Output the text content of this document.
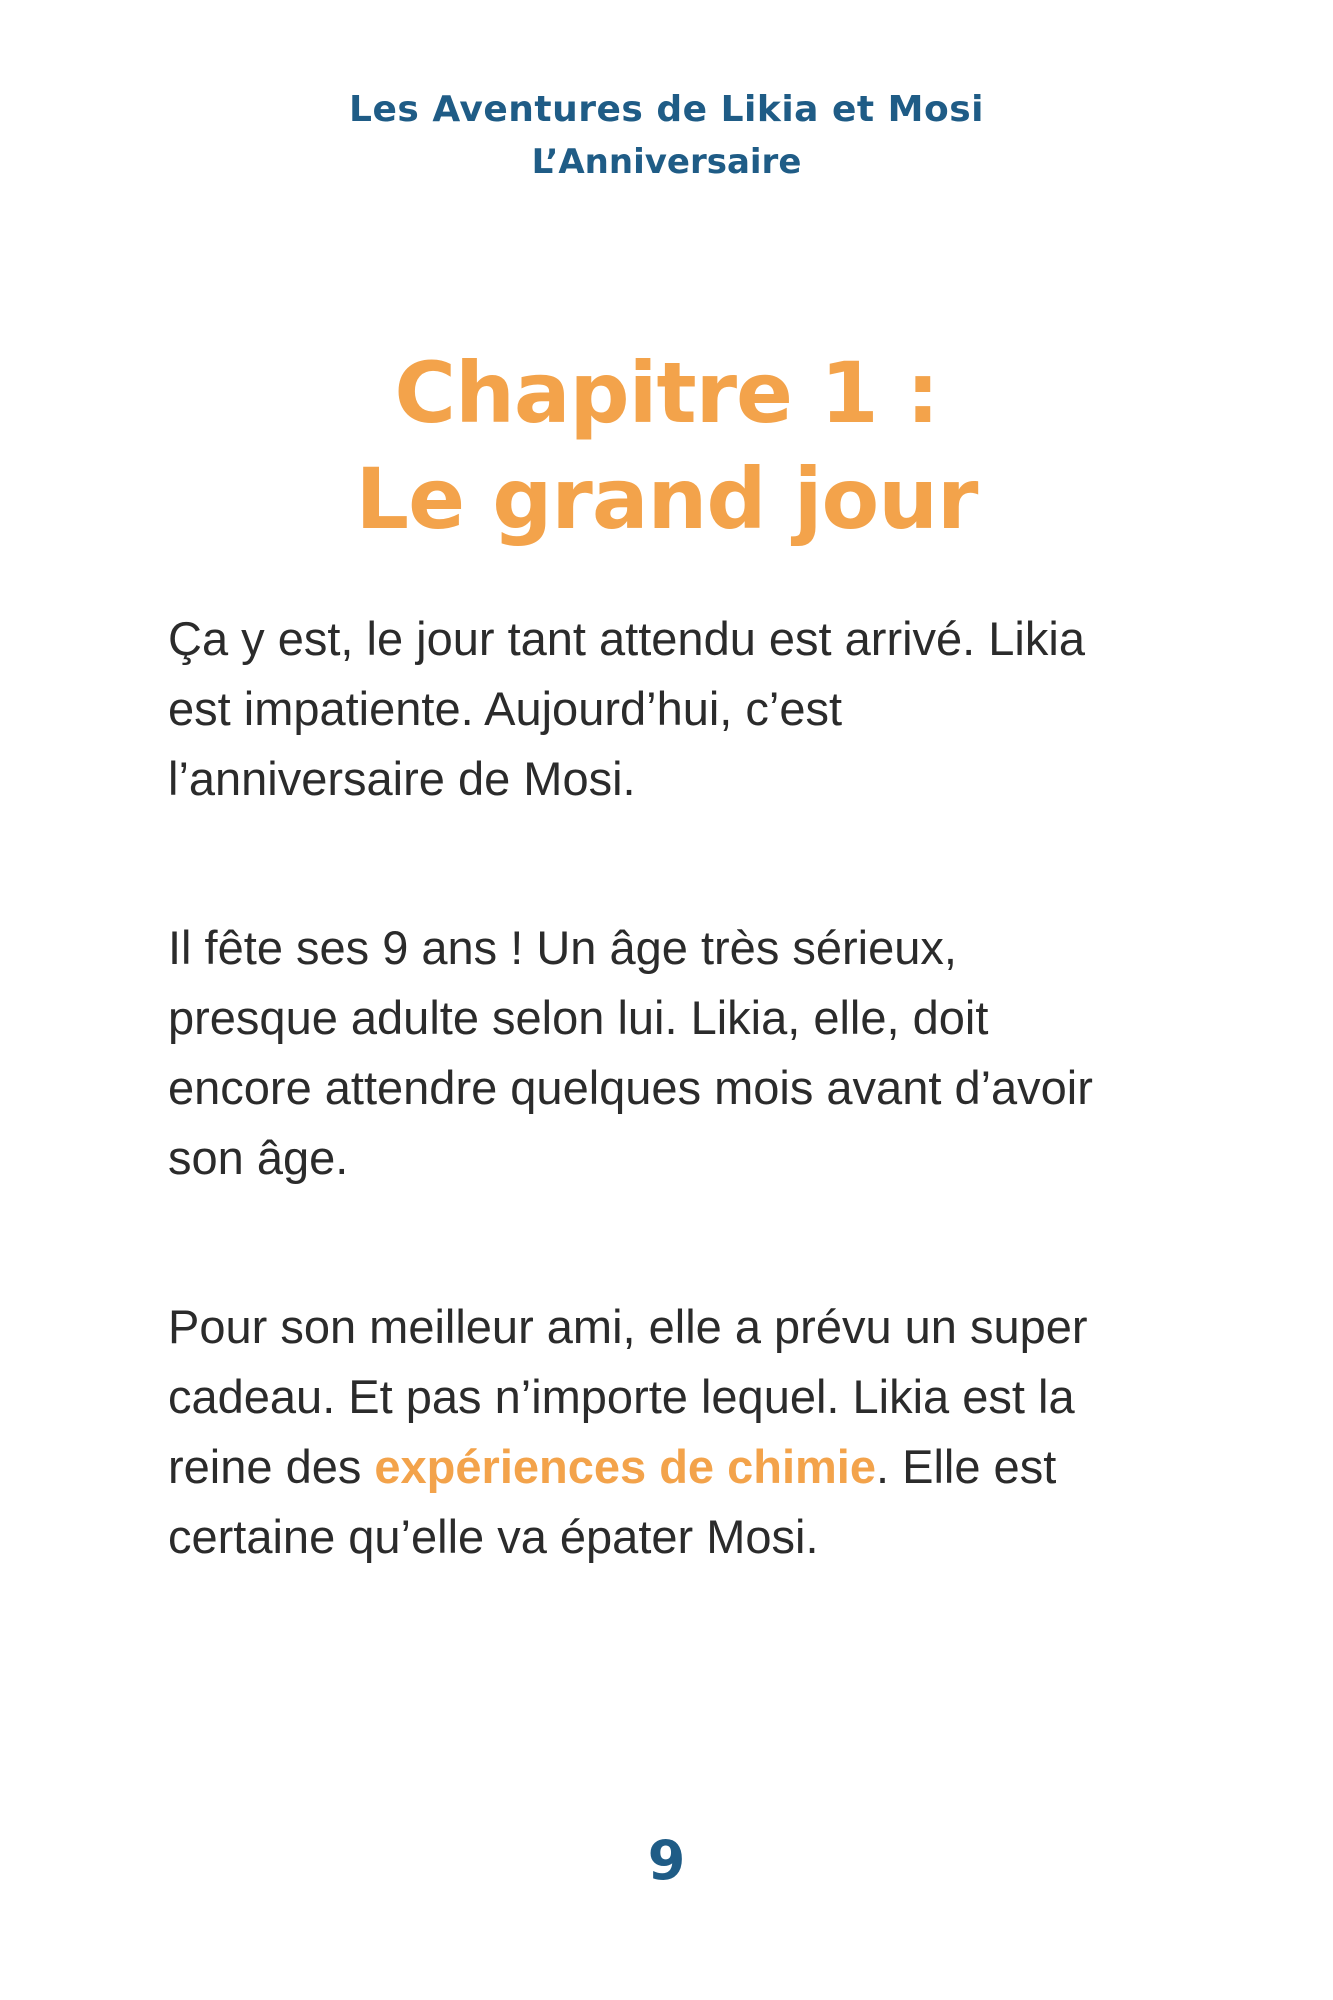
Les Aventures de Likia et Mosi
L’Anniversaire
Chapitre 1 :
Le grand jour

Ça y est, le jour tant attendu est arrivé. Likia est impatiente. Aujourd’hui, c’est l’anniversaire de Mosi.

Il fête ses 9 ans ! Un âge très sérieux, presque adulte selon lui. Likia, elle, doit encore attendre quelques mois avant d’avoir son âge.

Pour son meilleur ami, elle a prévu un super cadeau. Et pas n’importe lequel. Likia est la reine des expériences de chimie. Elle est certaine qu’elle va épater Mosi.

9
